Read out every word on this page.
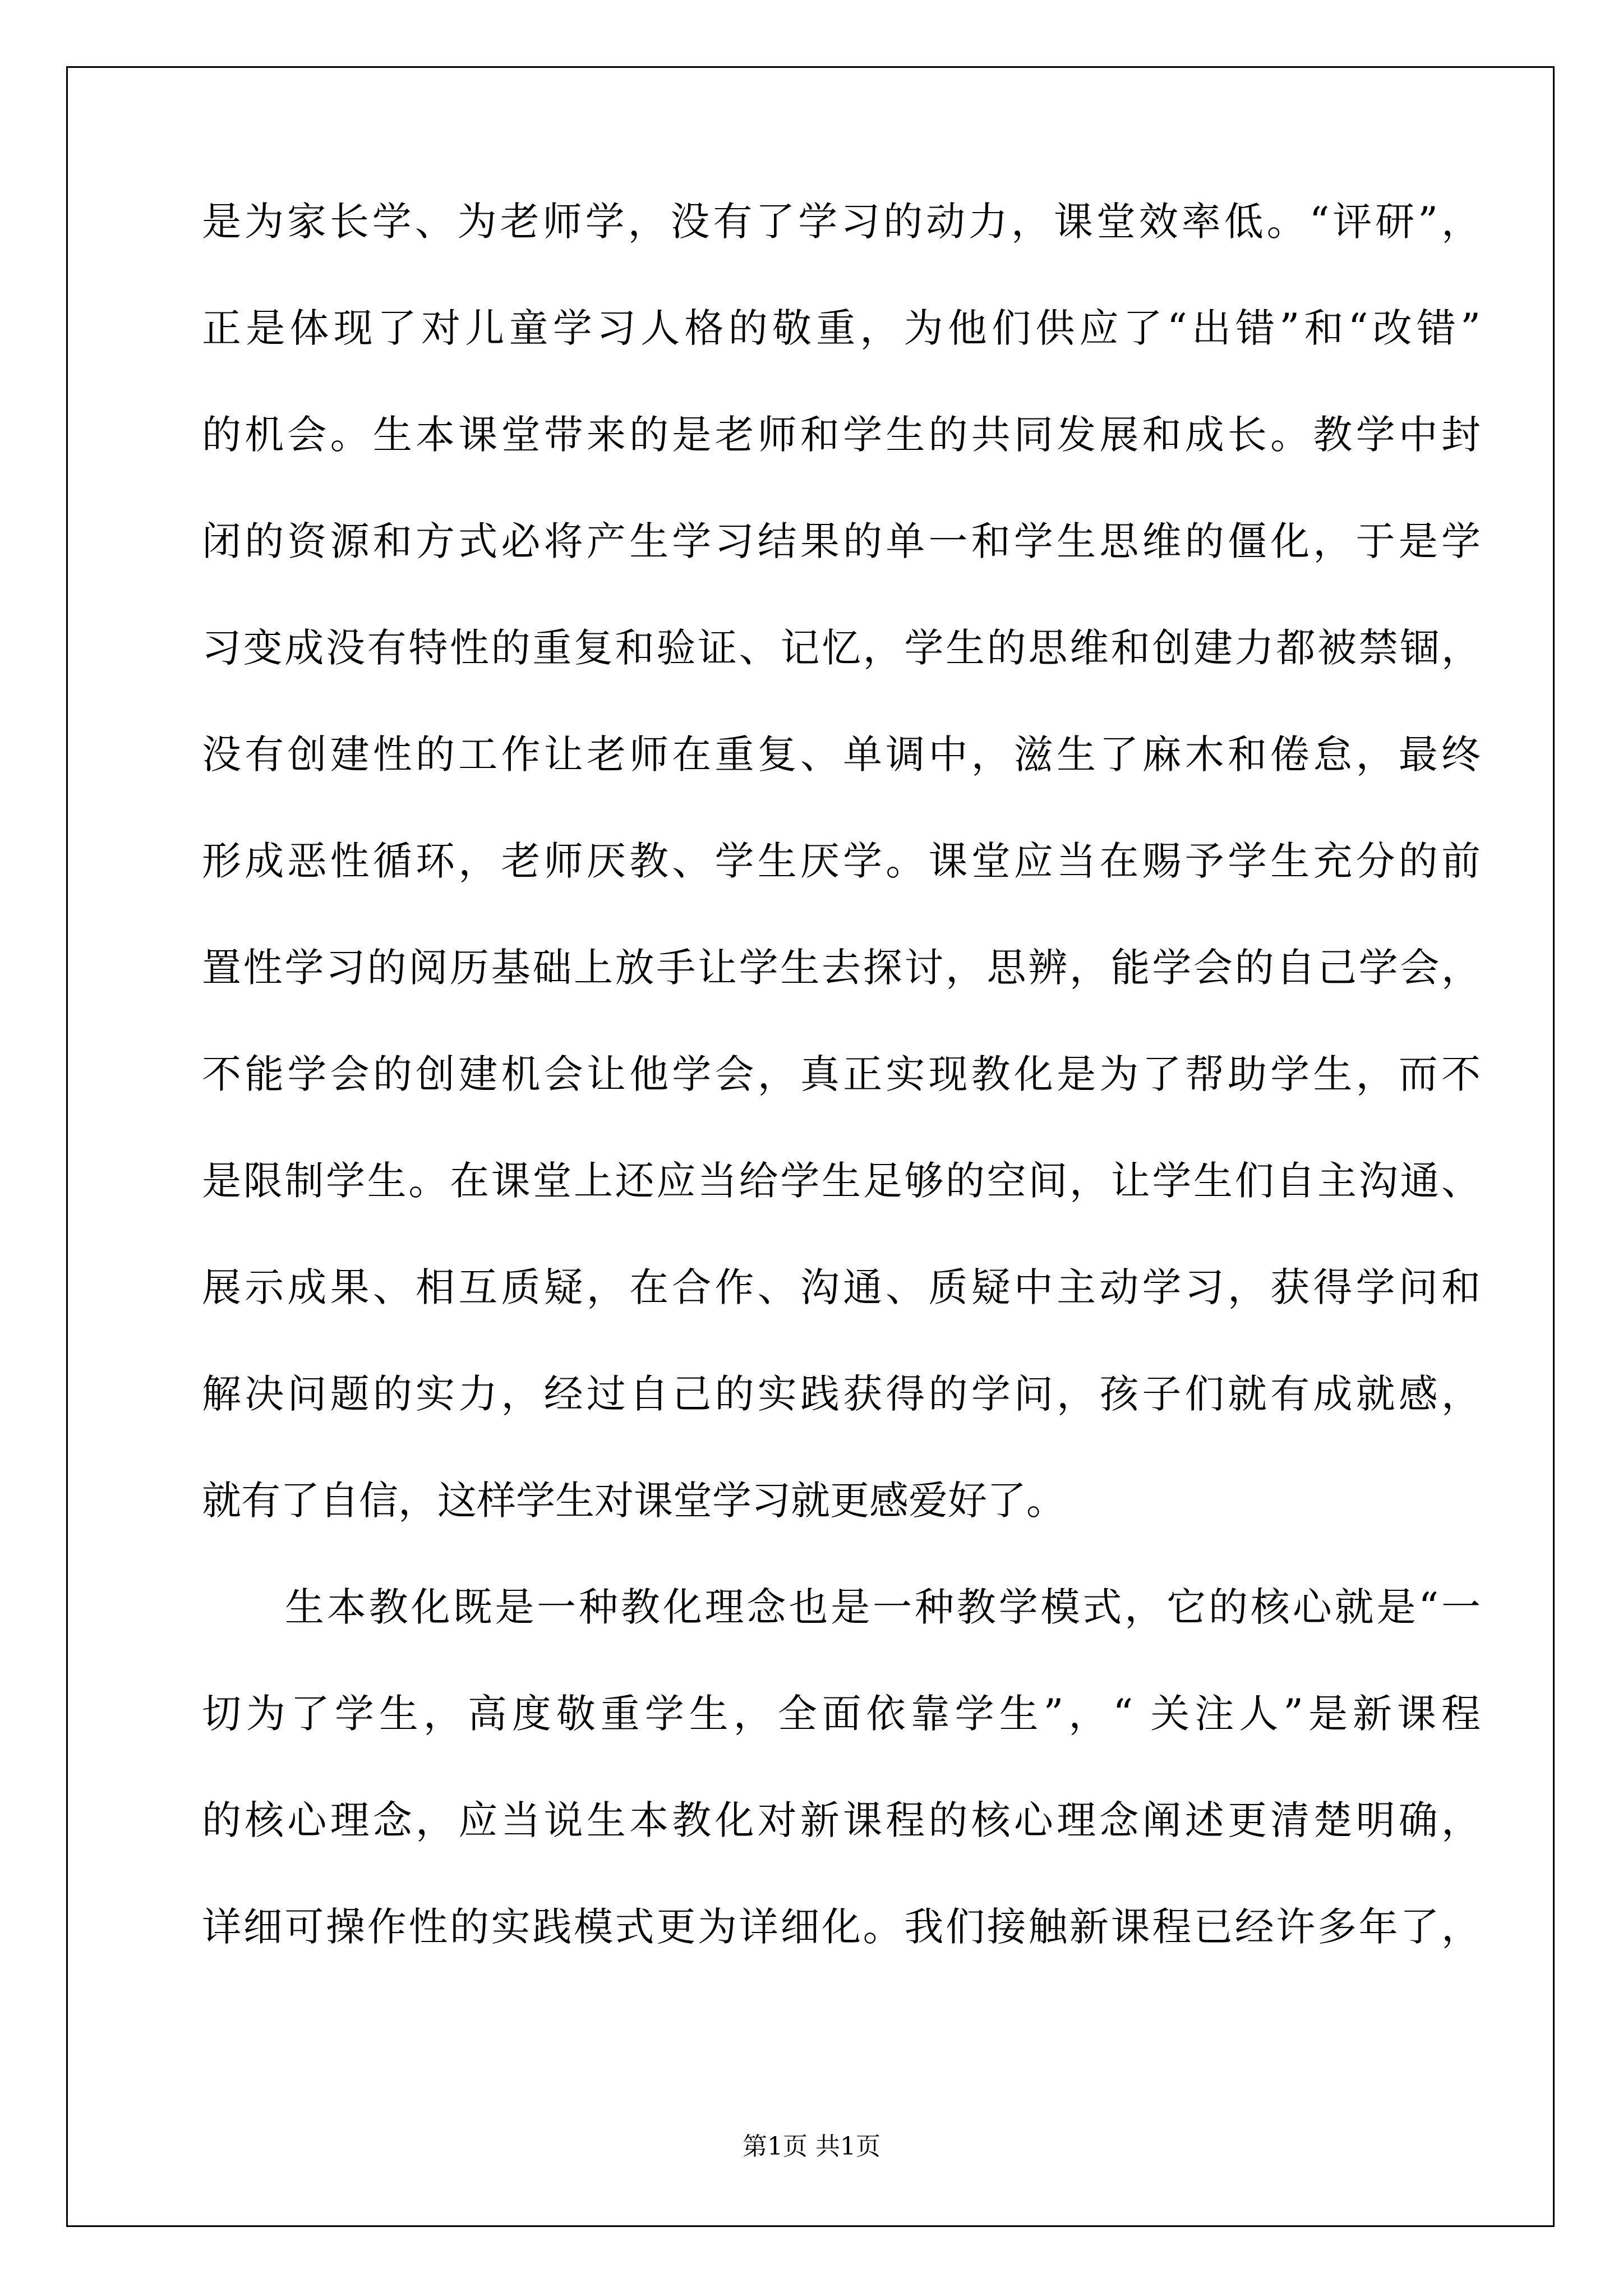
是为家长学、为老师学，没有了学习的动力，课堂效率低。“评研”，
正是体现了对儿童学习人格的敬重，为他们供应了“出错”和“改错”
的机会。生本课堂带来的是老师和学生的共同发展和成长。教学中封
闭的资源和方式必将产生学习结果的单一和学生思维的僵化，于是学
习变成没有特性的重复和验证、记忆，学生的思维和创建力都被禁锢，
没有创建性的工作让老师在重复、单调中，滋生了麻木和倦怠，最终
形成恶性循环，老师厌教、学生厌学。课堂应当在赐予学生充分的前
置性学习的阅历基础上放手让学生去探讨，思辨，能学会的自己学会，
不能学会的创建机会让他学会，真正实现教化是为了帮助学生，而不
是限制学生。在课堂上还应当给学生足够的空间，让学生们自主沟通、
展示成果、相互质疑，在合作、沟通、质疑中主动学习，获得学问和
解决问题的实力，经过自己的实践获得的学问，孩子们就有成就感，
就有了自信，这样学生对课堂学习就更感爱好了。
生本教化既是一种教化理念也是一种教学模式，它的核心就是“一
切为了学生，高度敬重学生，全面依靠学生”，“ 关注人”是新课程
的核心理念，应当说生本教化对新课程的核心理念阐述更清楚明确，
详细可操作性的实践模式更为详细化。我们接触新课程已经许多年了，
第1页 共1页
